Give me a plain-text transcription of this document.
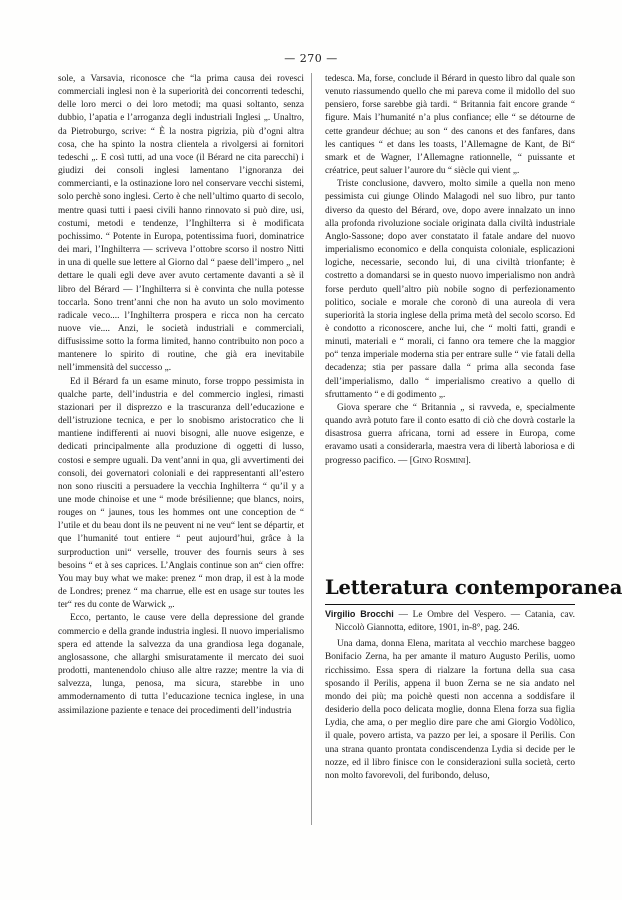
— 270 —

sole, a Varsavia, riconosce che “la prima causa dei rovesci commerciali inglesi non è la superiorità dei concorrenti tedeschi, delle loro merci o dei loro metodi; ma quasi soltanto, senza dubbio, l’apatia e l’arroganza degli industriali Inglesi „. Unaltro, da Pietroburgo, scrive: “ È la nostra pigrizia, più d’ogni altra cosa, che ha spinto la nostra clientela a rivolgersi ai fornitori tedeschi „. E così tutti, ad una voce (il Bérard ne cita parecchi) i giudizi dei consoli inglesi lamentano l’ignoranza dei commercianti, e la ostinazione loro nel conservare vecchi sistemi, solo perchè sono inglesi. Certo è che nell’ultimo quarto di secolo, mentre quasi tutti i paesi civili hanno rinnovato si può dire, usi, costumi, metodi e tendenze, l’Inghilterra si è modificata pochissimo. “ Potente in Europa, potentissima fuori, dominatrice dei mari, l’Inghilterra — scriveva l’ottobre scorso il nostro Nitti in una di quelle sue lettere al Giorno dal “ paese dell’impero „ nel dettare le quali egli deve aver avuto certamente davanti a sè il libro del Bérard — l’Inghilterra si è convinta che nulla potesse toccarla. Sono trent’anni che non ha avuto un solo movimento radicale veco.... l’Inghilterra prospera e ricca non ha cercato nuove vie.... Anzi, le società industriali e commerciali, diffusissime sotto la forma limited, hanno contribuito non poco a mantenere lo spirito di routine, che già era inevitabile nell’immensità del successo „.

Ed il Bérard fa un esame minuto, forse troppo pessimista in qualche parte, dell’industria e del commercio inglesi, rimasti stazionari per il disprezzo e la trascuranza dell’educazione e dell’istruzione tecnica, e per lo snobismo aristocratico che li mantiene indifferenti ai nuovi bisogni, alle nuove esigenze, e dedicati principalmente alla produzione di oggetti di lusso, costosi e sempre uguali. Da vent’anni in qua, gli avvertimenti dei consoli, dei governatori coloniali e dei rappresentanti all’estero non sono riusciti a persuadere la vecchia Inghilterra “ qu’il y a une mode chinoise et une “ mode brésilienne; que blancs, noirs, rouges on “ jaunes, tous les hommes ont une conception de “ l’utile et du beau dont ils ne peuvent ni ne veu“ lent se départir, et que l’humanité tout entiere “ peut aujourd’hui, grâce à la surproduction uni“ verselle, trouver des fournis seurs à ses besoins “ et à ses caprices. L’Anglais continue son an“ cien offre: You may buy what we make: prenez “ mon drap, il est à la mode de Londres; prenez “ ma charrue, elle est en usage sur toutes les ter“ res du conte de Warwick „.

Ecco, pertanto, le cause vere della depressione del grande commercio e della grande industria inglesi. Il nuovo imperialismo spera ed attende la salvezza da una grandiosa lega doganale, anglosassone, che allarghi smisuratamente il mercato dei suoi prodotti, mantenendolo chiuso alle altre razze; mentre la via di salvezza, lunga, penosa, ma sicura, starebbe in uno ammodernamento di tutta l’educazione tecnica inglese, in una assimilazione paziente e tenace dei procedimenti dell’industria

tedesca. Ma, forse, conclude il Bérard in questo libro dal quale son venuto riassumendo quello che mi pareva come il midollo del suo pensiero, forse sarebbe già tardi. “ Britannia fait encore grande “ figure. Mais l’humanité n’a plus confiance; elle “ se détourne de cette grandeur déchue; au son “ des canons et des fanfares, dans les cantiques “ et dans les toasts, l’Allemagne de Kant, de Bi“ smark et de Wagner, l’Allemagne rationnelle, “ puissante et créatrice, peut saluer l’aurore du “ siècle qui vient „.

Triste conclusione, davvero, molto simile a quella non meno pessimista cui giunge Olindo Malagodi nel suo libro, pur tanto diverso da questo del Bérard, ove, dopo avere innalzato un inno alla profonda rivoluzione sociale originata dalla civiltà industriale Anglo-Sassone; dopo aver constatato il fatale andare del nuovo imperialismo economico e della conquista coloniale, esplicazioni logiche, necessarie, secondo lui, di una civiltà trionfante; è costretto a domandarsi se in questo nuovo imperialismo non andrà forse perduto quell’altro più nobile sogno di perfezionamento politico, sociale e morale che coronò di una aureola di vera superiorità la storia inglese della prima metà del secolo scorso. Ed è condotto a riconoscere, anche lui, che “ molti fatti, grandi e minuti, materiali e “ morali, ci fanno ora temere che la maggior po“ tenza imperiale moderna stia per entrare sulle “ vie fatali della decadenza; stia per passare dalla “ prima alla seconda fase dell’imperialismo, dallo “ imperialismo creativo a quello di sfruttamento “ e di godimento „.

Giova sperare che “ Britannia „ si ravveda, e, specialmente quando avrà potuto fare il conto esatto di ciò che dovrà costarle la disastrosa guerra africana, torni ad essere in Europa, come eravamo usati a considerarla, maestra vera di libertà laboriosa e di progresso pacifico. — [Gino Rosmini].

Letteratura contemporanea

Virgilio Brocchi — Le Ombre del Vespero. — Catania, cav. Niccolò Giannotta, editore, 1901, in-8°, pag. 246.

Una dama, donna Elena, maritata al vecchio marchese baggeo Bonifacio Zerna, ha per amante il maturo Augusto Perilis, uomo ricchissimo. Essa spera di rialzare la fortuna della sua casa sposando il Perilis, appena il buon Zerna se ne sia andato nel mondo dei più; ma poichè questi non accenna a soddisfare il desiderio della poco delicata moglie, donna Elena forza sua figlia Lydia, che ama, o per meglio dire pare che ami Giorgio Vodòlico, il quale, povero artista, va pazzo per lei, a sposare il Perilis. Con una strana quanto prontata condiscendenza Lydia si decide per le nozze, ed il libro finisce con le considerazioni sulla società, certo non molto favorevoli, del furibondo, deluso,
